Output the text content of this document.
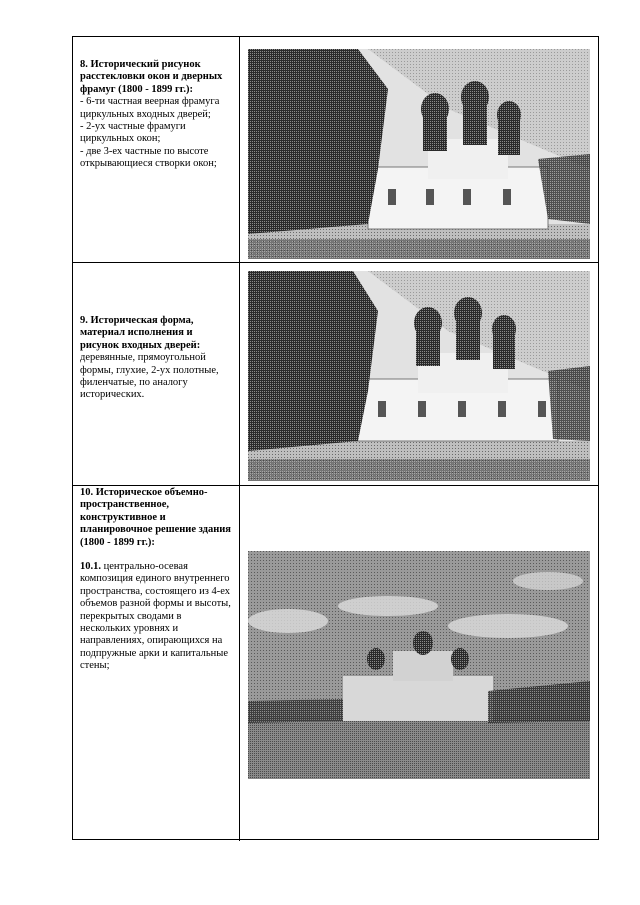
8. Исторический рисунок расстекловки окон и дверных фрамуг (1800 - 1899 гг.):
- 6-ти частная веерная фрамуга циркульных входных дверей;
- 2-ух частные фрамуги циркульных окон;
- две 3-ех частные по высоте открывающиеся створки окон;
9. Историческая форма, материал исполнения и рисунок входных дверей:
деревянные, прямоугольной формы, глухие, 2-ух полотные, филенчатые, по аналогу исторических.
10. Историческое объемно-пространственное, конструктивное и планировочное решение здания (1800 - 1899 гг.):
10.1. центрально-осевая композиция единого внутреннего пространства, состоящего из 4-ех объемов разной формы и высоты, перекрытых сводами в нескольких уровнях и направлениях, опирающихся на подпружные арки и капитальные стены;
